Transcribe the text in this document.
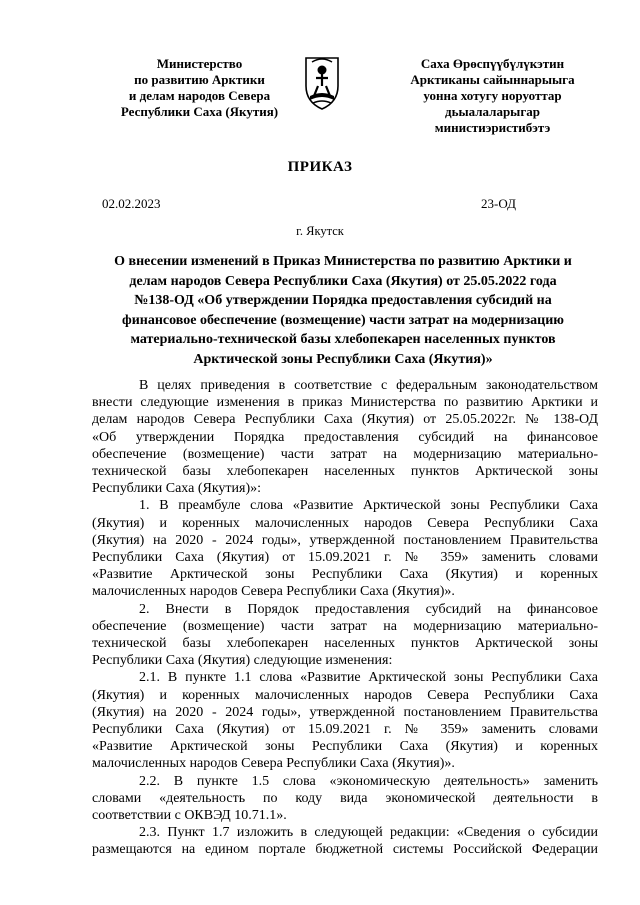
Министерство
по развитию Арктики
и делам народов Севера
Республики Саха (Якутия)
Саха Өрөспүүбүлүкэтин
Арктиканы сайыннарыыга
уонна хотугу норуоттар
дьыалаларыгар
министиэристибэтэ
ПРИКАЗ
02.02.2023	23-ОД
г. Якутск
О внесении изменений в Приказ Министерства по развитию Арктики и
делам народов Севера Республики Саха (Якутия) от 25.05.2022 года
№138-ОД «Об утверждении Порядка предоставления субсидий на
финансовое обеспечение (возмещение) части затрат на модернизацию
материально-технической базы хлебопекарен населенных пунктов
Арктической зоны Республики Саха (Якутия)»
В целях приведения в соответствие с федеральным законодательством
внести следующие изменения в приказ Министерства по развитию Арктики и
делам народов Севера Республики Саха (Якутия) от 25.05.2022г. № 138-ОД
«Об утверждении Порядка предоставления субсидий на финансовое
обеспечение (возмещение) части затрат на модернизацию материально-
технической базы хлебопекарен населенных пунктов Арктической зоны
Республики Саха (Якутия)»:
1. В преамбуле слова «Развитие Арктической зоны Республики Саха
(Якутия) и коренных малочисленных народов Севера Республики Саха
(Якутия) на 2020 - 2024 годы», утвержденной постановлением Правительства
Республики Саха (Якутия) от 15.09.2021 г. № 359» заменить словами
«Развитие Арктической зоны Республики Саха (Якутия) и коренных
малочисленных народов Севера Республики Саха (Якутия)».
2. Внести в Порядок предоставления субсидий на финансовое
обеспечение (возмещение) части затрат на модернизацию материально-
технической базы хлебопекарен населенных пунктов Арктической зоны
Республики Саха (Якутия) следующие изменения:
2.1. В пункте 1.1 слова «Развитие Арктической зоны Республики Саха
(Якутия) и коренных малочисленных народов Севера Республики Саха
(Якутия) на 2020 - 2024 годы», утвержденной постановлением Правительства
Республики Саха (Якутия) от 15.09.2021 г. № 359» заменить словами
«Развитие Арктической зоны Республики Саха (Якутия) и коренных
малочисленных народов Севера Республики Саха (Якутия)».
2.2. В пункте 1.5 слова «экономическую деятельность» заменить
словами «деятельность по коду вида экономической деятельности в
соответствии с ОКВЭД 10.71.1».
2.3. Пункт 1.7 изложить в следующей редакции: «Сведения о субсидии
размещаются на едином портале бюджетной системы Российской Федерации
